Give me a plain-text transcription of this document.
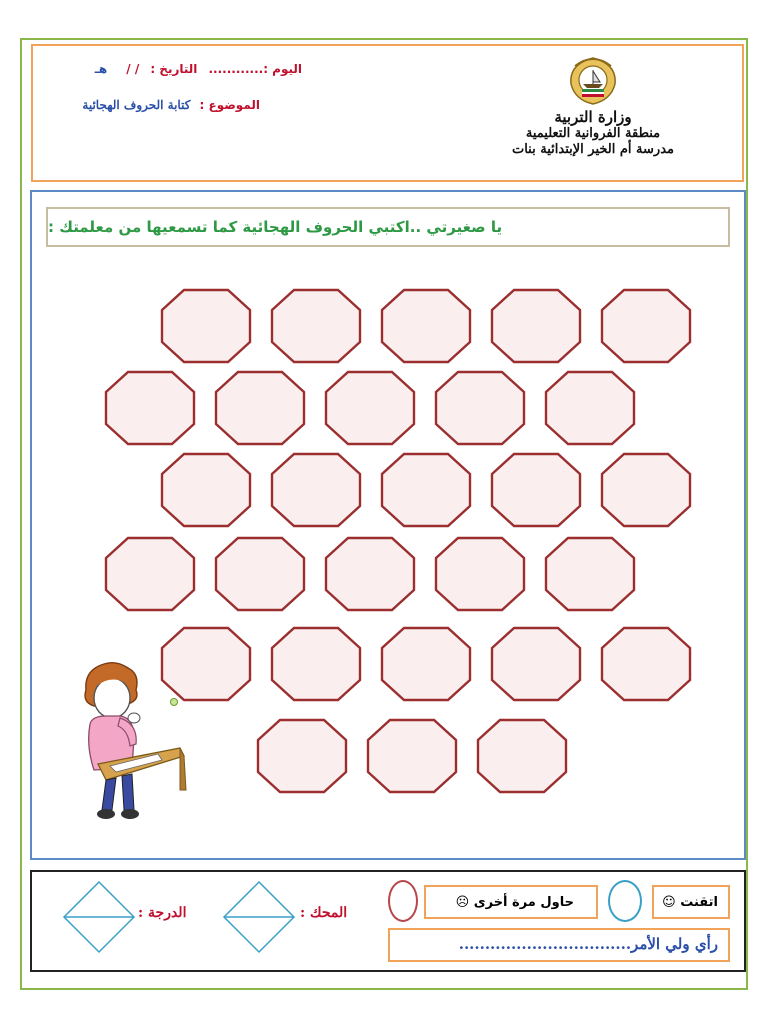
اليوم :............ التاريخ : / / هـ
الموضوع : كتابة الحروف الهجائية
وزارة التربية
منطقة الفروانية التعليمية
مدرسة أم الخير الإبتدائية بنات
يا صغيرتي ..اكتبي الحروف الهجائية كما تسمعيها من معلمتك :
اتقنت ☺
حاول مرة أخرى ☹
رأي ولي الأمر.................................
المحك :
الدرجة :
